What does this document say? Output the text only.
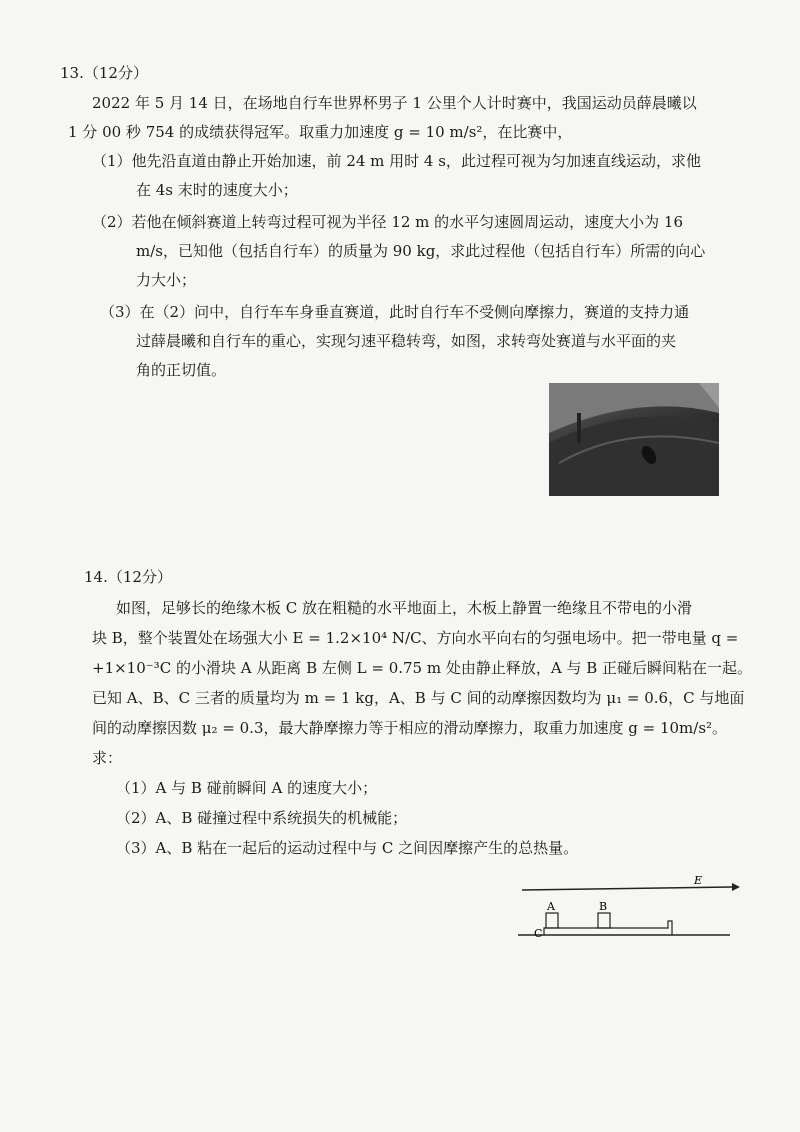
13.（12分）
2022 年 5 月 14 日，在场地自行车世界杯男子 1 公里个人计时赛中，我国运动员薛晨曦以
1 分 00 秒 754 的成绩获得冠军。取重力加速度 g = 10 m/s²，在比赛中，
（1）他先沿直道由静止开始加速，前 24 m 用时 4 s，此过程可视为匀加速直线运动，求他
在 4s 末时的速度大小；
（2）若他在倾斜赛道上转弯过程可视为半径 12 m 的水平匀速圆周运动，速度大小为 16
m/s，已知他（包括自行车）的质量为 90 kg，求此过程他（包括自行车）所需的向心
力大小；
（3）在（2）问中，自行车车身垂直赛道，此时自行车不受侧向摩擦力，赛道的支持力通
过薛晨曦和自行车的重心，实现匀速平稳转弯，如图，求转弯处赛道与水平面的夹
角的正切值。
14.（12分）
如图，足够长的绝缘木板 C 放在粗糙的水平地面上，木板上静置一绝缘且不带电的小滑
块 B，整个装置处在场强大小 E = 1.2×10⁴ N/C、方向水平向右的匀强电场中。把一带电量 q =
+1×10⁻³C 的小滑块 A 从距离 B 左侧 L = 0.75 m 处由静止释放，A 与 B 正碰后瞬间粘在一起。
已知 A、B、C 三者的质量均为 m = 1 kg，A、B 与 C 间的动摩擦因数均为 μ₁ = 0.6，C 与地面
间的动摩擦因数 μ₂ = 0.3，最大静摩擦力等于相应的滑动摩擦力，取重力加速度 g = 10m/s²。
求：
（1）A 与 B 碰前瞬间 A 的速度大小；
（2）A、B 碰撞过程中系统损失的机械能；
（3）A、B 粘在一起后的运动过程中与 C 之间因摩擦产生的总热量。
E
A	B
C
